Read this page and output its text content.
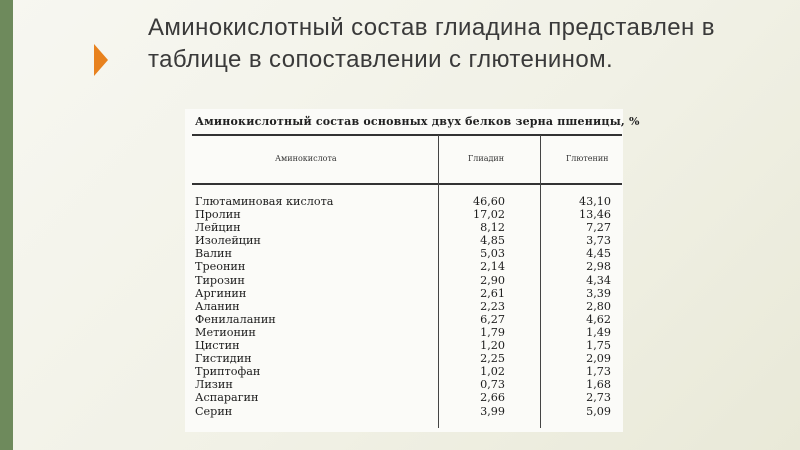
Аминокислотный состав глиадина представлен в таблице в сопоставлении с глютенином.
Аминокислотный состав основных двух белков зерна пшеницы, %
Аминокислота	Глиадин	Глютенин
Глютаминовая кислота	46,60	43,10
Пролин	17,02	13,46
Лейцин	8,12	7,27
Изолейцин	4,85	3,73
Валин	5,03	4,45
Треонин	2,14	2,98
Тирозин	2,90	4,34
Аргинин	2,61	3,39
Аланин	2,23	2,80
Фенилаланин	6,27	4,62
Метионин	1,79	1,49
Цистин	1,20	1,75
Гистидин	2,25	2,09
Триптофан	1,02	1,73
Лизин	0,73	1,68
Аспарагин	2,66	2,73
Серин	3,99	5,09
